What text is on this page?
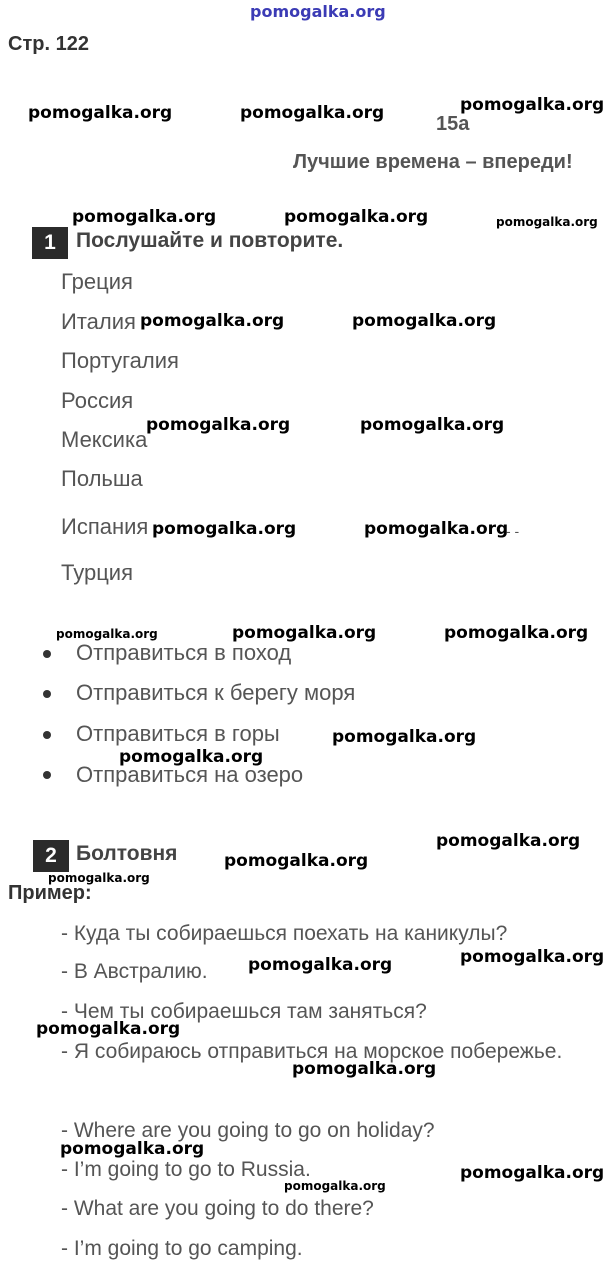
pomogalka.org
Стр. 122
pomogalka.org	pomogalka.org	pomogalka.org
15a
Лучшие времена – впереди!
pomogalka.org	pomogalka.org	pomogalka.org
1 Послушайте и повторите.
Греция
Италия pomogalka.org	pomogalka.org
Португалия
Россия
Мексика
pomogalka.org	pomogalka.org
Польша
Испания pomogalka.org	pomogalka.org
- -
Турция
pomogalka.org	pomogalka.org	pomogalka.org
Отправиться в поход
Отправиться к берегу моря
Отправиться в горы	pomogalka.org
pomogalka.org
Отправиться на озеро
pomogalka.org
2 Болтовня	pomogalka.org
pomogalka.org
Пример:
- Куда ты собираешься поехать на каникулы?
- В Австралию. pomogalka.org	pomogalka.org
- Чем ты собираешься там заняться?
pomogalka.org
- Я собираюсь отправиться на морское побережье.
pomogalka.org
- Where are you going to go on holiday?
pomogalka.org
- I’m going to go to Russia.	pomogalka.org
pomogalka.org
- What are you going to do there?
- I’m going to go camping.
